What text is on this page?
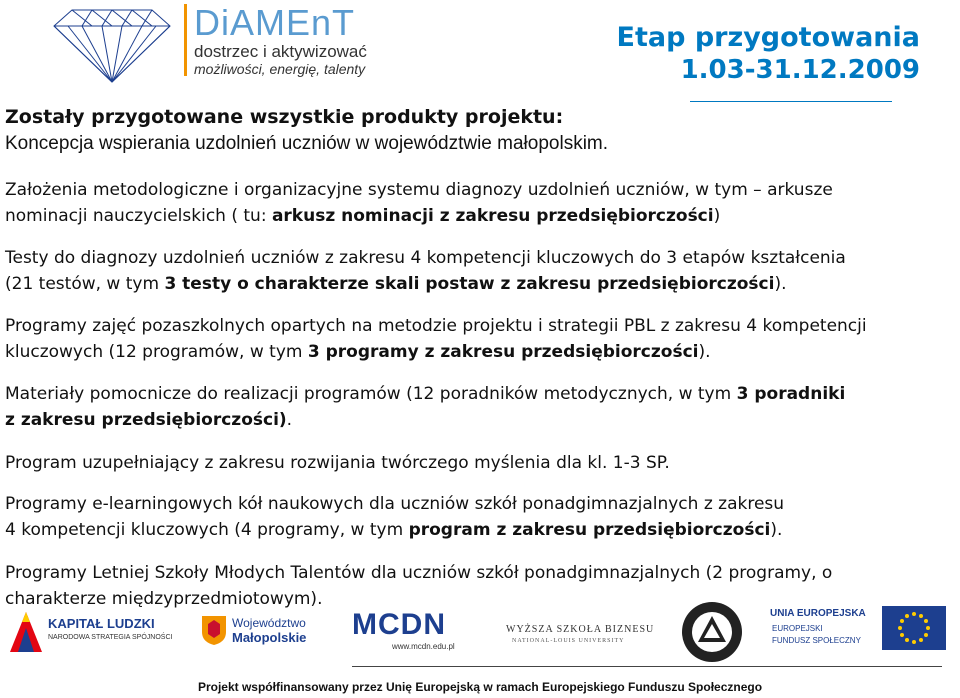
DiAMEnT
dostrzec i aktywizować
możliwości, energię, talenty
Etap przygotowania
1.03-31.12.2009
Zostały przygotowane wszystkie produkty projektu:
Koncepcja wspierania uzdolnień uczniów w województwie małopolskim.
Założenia metodologiczne i organizacyjne systemu diagnozy uzdolnień uczniów, w tym – arkusze
nominacji nauczycielskich ( tu: arkusz nominacji z zakresu przedsiębiorczości)
Testy do diagnozy uzdolnień uczniów z zakresu 4 kompetencji kluczowych do 3 etapów kształcenia
(21 testów, w tym 3 testy o charakterze skali postaw z zakresu przedsiębiorczości).
Programy zajęć pozaszkolnych opartych na metodzie projektu i strategii PBL z zakresu 4 kompetencji
kluczowych (12 programów, w tym 3 programy z zakresu przedsiębiorczości).
Materiały pomocnicze do realizacji programów (12 poradników metodycznych, w tym 3 poradniki
z zakresu przedsiębiorczości).
Program uzupełniający z zakresu rozwijania twórczego myślenia dla kl. 1-3 SP.
Programy e-learningowych kół naukowych dla uczniów szkół ponadgimnazjalnych z zakresu
4 kompetencji kluczowych (4 programy, w tym program z zakresu przedsiębiorczości).
Programy Letniej Szkoły Młodych Talentów dla uczniów szkół ponadgimnazjalnych (2 programy, o
charakterze międzyprzedmiotowym).
KAPITAŁ LUDZKI
NARODOWA STRATEGIA SPÓJNOŚCI
Województwo
Małopolskie MCDN
www.mcdn.edu.pl
WYŻSZA SZKOŁA BIZNESU
NATIONAL-LOUIS UNIVERSITY
UNIA EUROPEJSKA
EUROPEJSKI
FUNDUSZ SPOŁECZNY
Projekt współfinansowany przez Unię Europejską w ramach Europejskiego Funduszu Społecznego
